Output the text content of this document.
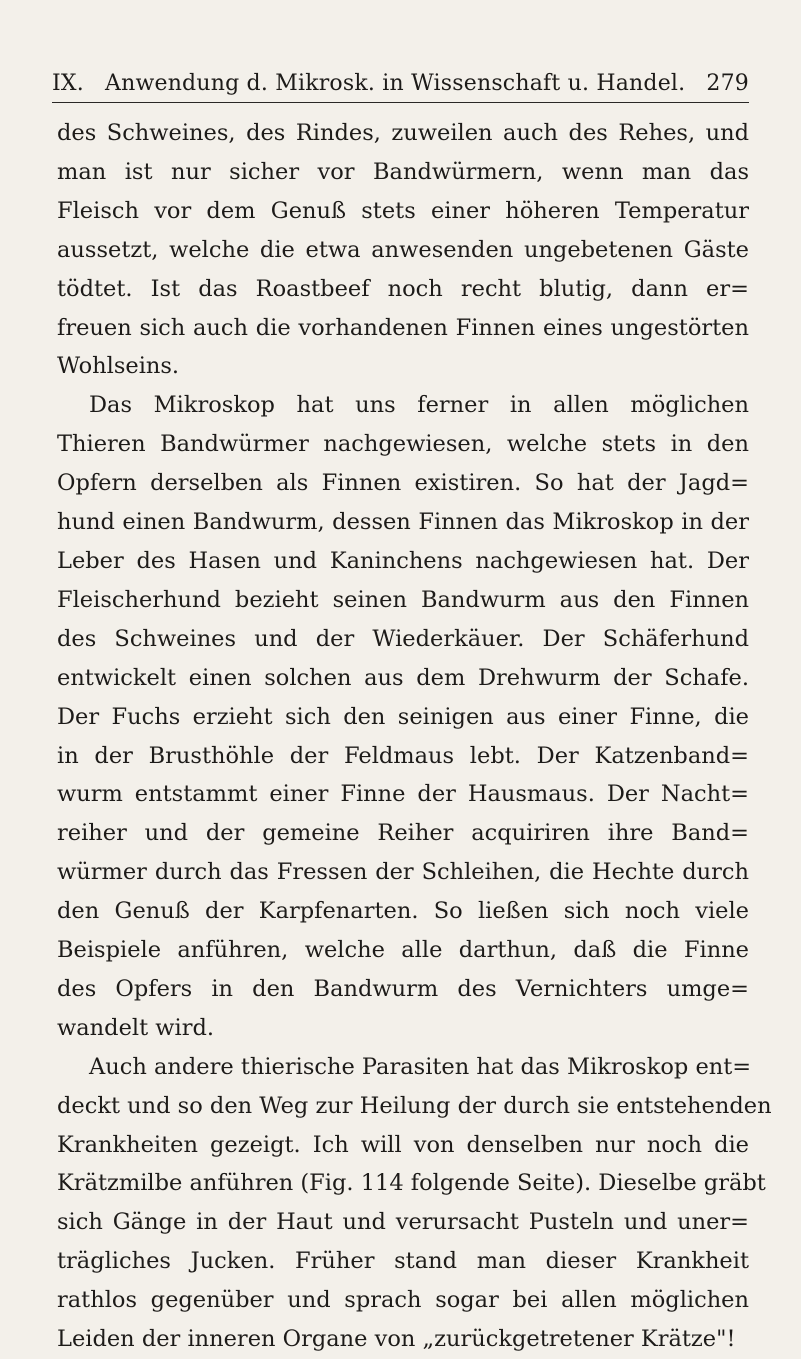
IX. Anwendung d. Mikrosk. in Wissenschaft u. Handel. 279
des Schweines, des Rindes, zuweilen auch des Rehes, und
man ist nur sicher vor Bandwürmern, wenn man das
Fleisch vor dem Genuß stets einer höheren Temperatur
aussetzt, welche die etwa anwesenden ungebetenen Gäste
tödtet. Ist das Roastbeef noch recht blutig, dann er=
freuen sich auch die vorhandenen Finnen eines ungestörten
Wohlseins.
Das Mikroskop hat uns ferner in allen möglichen
Thieren Bandwürmer nachgewiesen, welche stets in den
Opfern derselben als Finnen existiren. So hat der Jagd=
hund einen Bandwurm, dessen Finnen das Mikroskop in der
Leber des Hasen und Kaninchens nachgewiesen hat. Der
Fleischerhund bezieht seinen Bandwurm aus den Finnen
des Schweines und der Wiederkäuer. Der Schäferhund
entwickelt einen solchen aus dem Drehwurm der Schafe.
Der Fuchs erzieht sich den seinigen aus einer Finne, die
in der Brusthöhle der Feldmaus lebt. Der Katzenband=
wurm entstammt einer Finne der Hausmaus. Der Nacht=
reiher und der gemeine Reiher acquiriren ihre Band=
würmer durch das Fressen der Schleihen, die Hechte durch
den Genuß der Karpfenarten. So ließen sich noch viele
Beispiele anführen, welche alle darthun, daß die Finne
des Opfers in den Bandwurm des Vernichters umge=
wandelt wird.
Auch andere thierische Parasiten hat das Mikroskop ent=
deckt und so den Weg zur Heilung der durch sie entstehenden
Krankheiten gezeigt. Ich will von denselben nur noch die
Krätzmilbe anführen (Fig. 114 folgende Seite). Dieselbe gräbt
sich Gänge in der Haut und verursacht Pusteln und uner=
trägliches Jucken. Früher stand man dieser Krankheit
rathlos gegenüber und sprach sogar bei allen möglichen
Leiden der inneren Organe von „zurückgetretener Krätze"!
